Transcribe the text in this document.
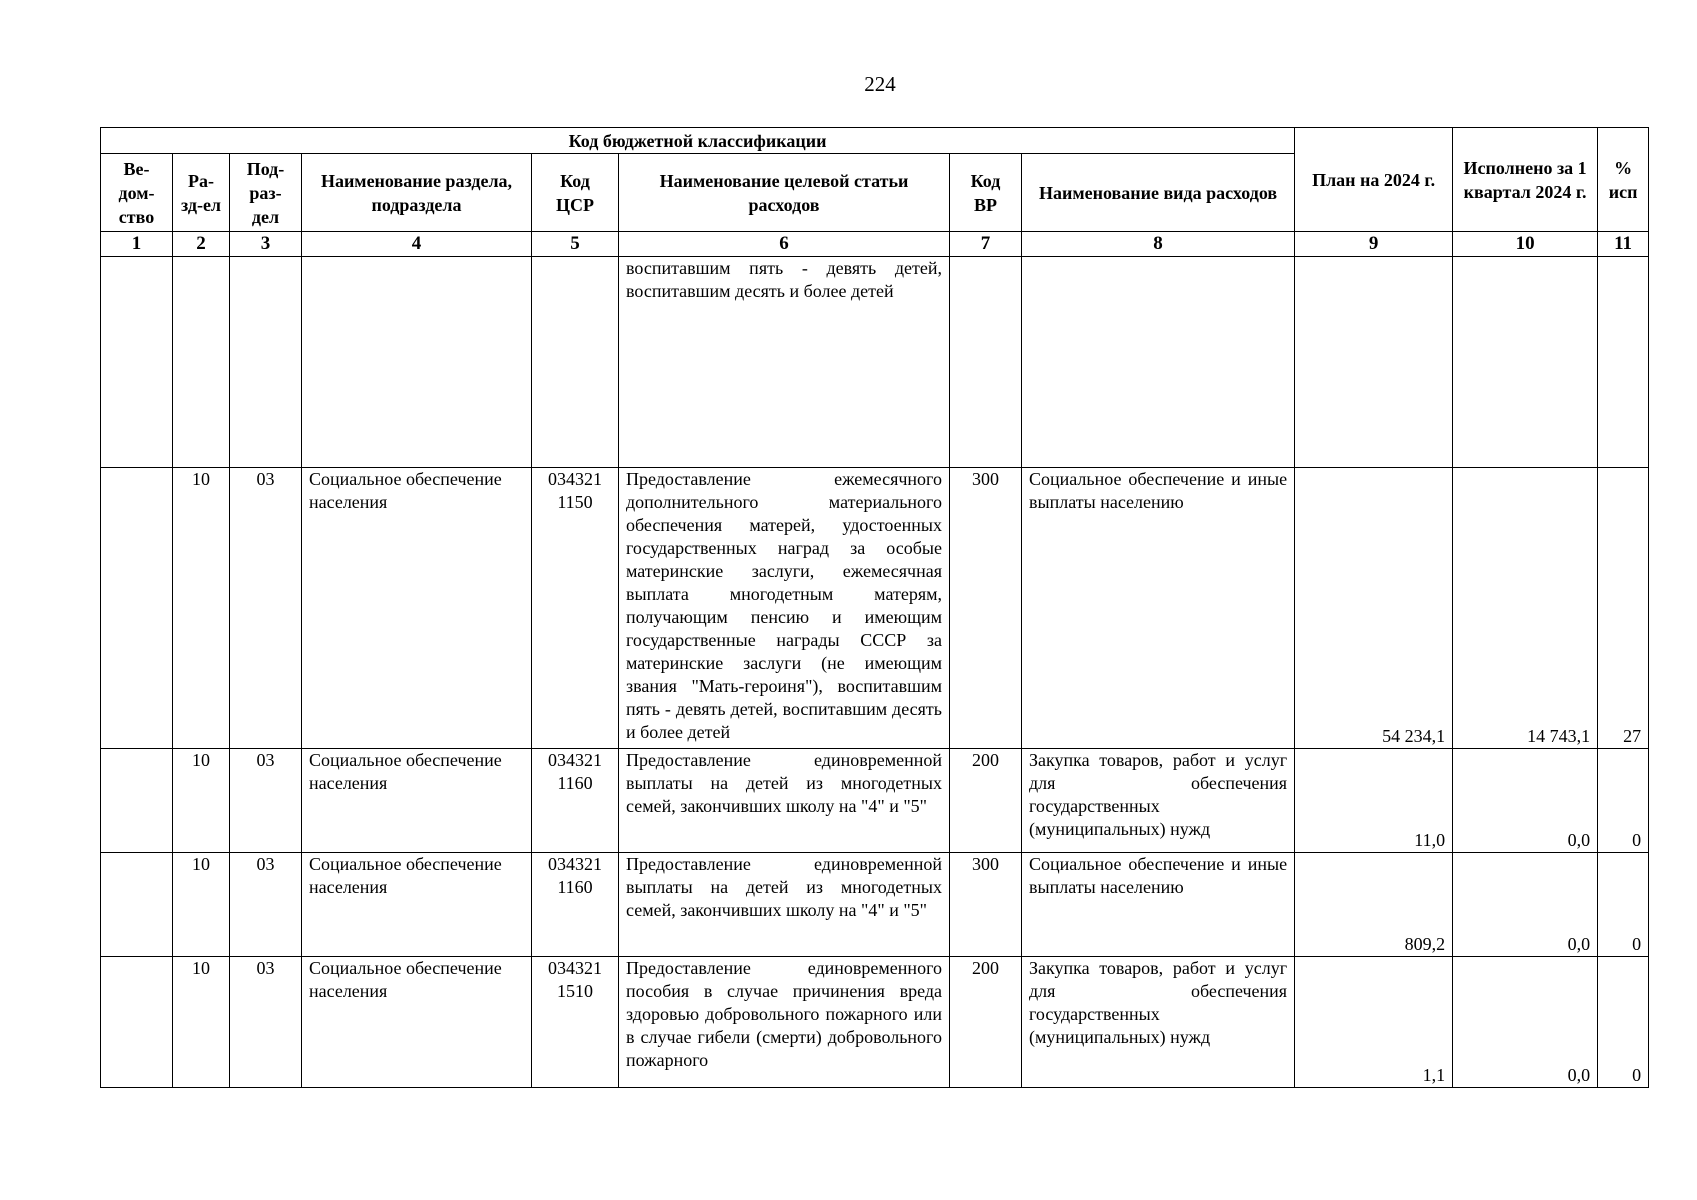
224
Код бюджетной классификации								План на 2024 г.	Исполнено за 1 квартал 2024 г.	% исп
Ве-дом-ство	Ра-зд-ел	Под-раз-дел	Наименование раздела, подраздела	Код ЦСР	Наименование целевой статьи расходов	Код ВР	Наименование вида расходов			
1	2	3	4	5	6	7	8	9	10	11
					воспитавшим пять - девять детей, воспитавшим десять и более детей					
	10	03	Социальное обеспечение населения	034321 1150	Предоставление ежемесячного дополнительного материального обеспечения матерей, удостоенных государственных наград за особые материнские заслуги, ежемесячная выплата многодетным матерям, получающим пенсию и имеющим государственные награды СССР за материнские заслуги (не имеющим звания "Мать-героиня"), воспитавшим пять - девять детей, воспитавшим десять и более детей	300	Социальное обеспечение и иные выплаты населению	54 234,1	14 743,1	27
	10	03	Социальное обеспечение населения	034321 1160	Предоставление единовременной выплаты на детей из многодетных семей, закончивших школу на "4" и "5"	200	Закупка товаров, работ и услуг для обеспечения государственных (муниципальных) нужд	11,0	0,0	0
	10	03	Социальное обеспечение населения	034321 1160	Предоставление единовременной выплаты на детей из многодетных семей, закончивших школу на "4" и "5"	300	Социальное обеспечение и иные выплаты населению	809,2	0,0	0
	10	03	Социальное обеспечение населения	034321 1510	Предоставление единовременного пособия в случае причинения вреда здоровью добровольного пожарного или в случае гибели (смерти) добровольного пожарного	200	Закупка товаров, работ и услуг для обеспечения государственных (муниципальных) нужд	1,1	0,0	0
